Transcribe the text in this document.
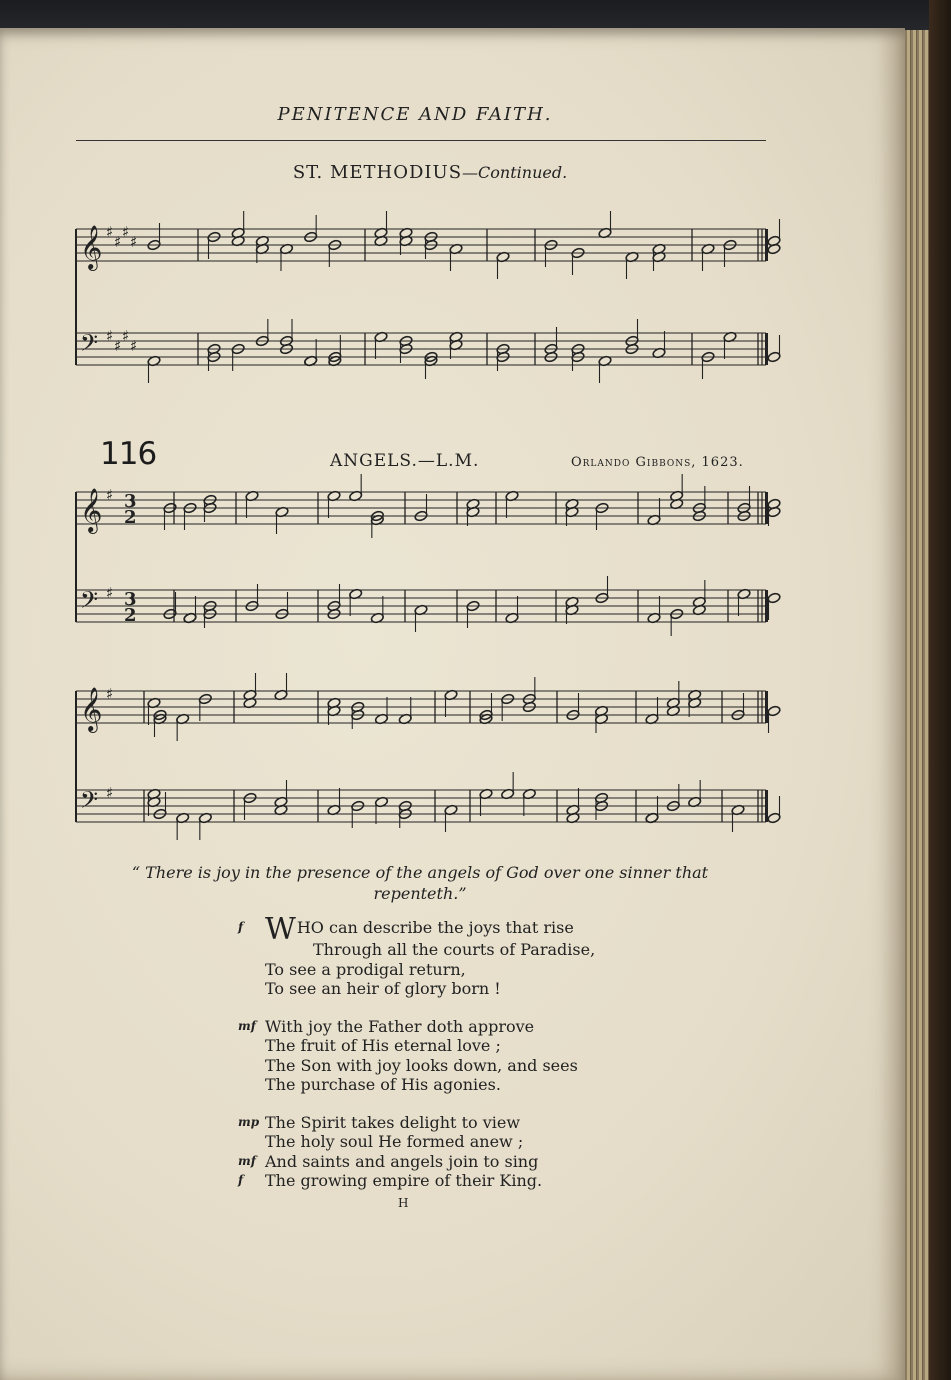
PENITENCE AND FAITH.
ST. METHODIUS—Continued.
116	ANGELS.—L.M.	Orlando Gibbons, 1623.
𝄞 ♯
♯
♯
♯
𝄢 ♯
♯
♯
♯
𝄞 ♯ 3
2
𝄢 ♯ 3
2
𝄞 ♯
𝄢 ♯
“ There is joy in the presence of the angels of God over one sinner that repenteth.”
f WHO can describe the joys that rise
Through all the courts of Paradise,
To see a prodigal return,
To see an heir of glory born !
mf With joy the Father doth approve
The fruit of His eternal love ;
The Son with joy looks down, and sees
The purchase of His agonies.
mp The Spirit takes delight to view
The holy soul He formed anew ;
mf And saints and angels join to sing
f The growing empire of their King.
H
